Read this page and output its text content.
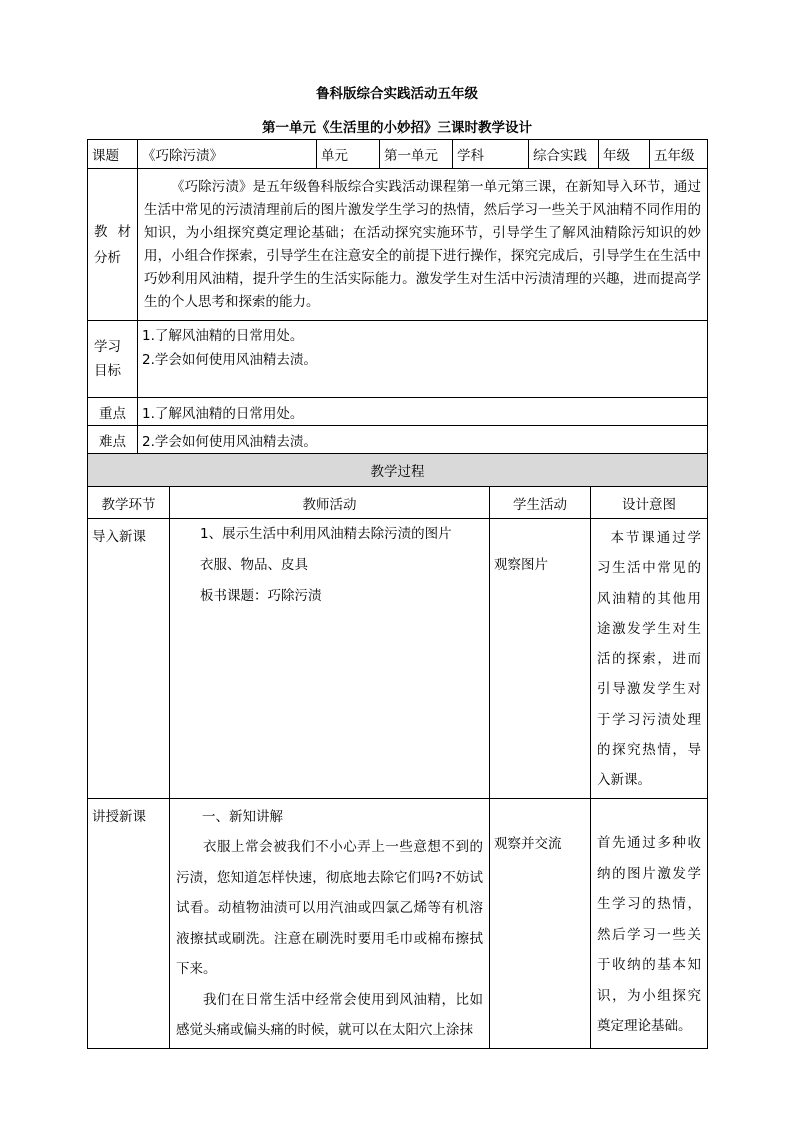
鲁科版综合实践活动五年级
第一单元《生活里的小妙招》三课时教学设计
课题	《巧除污渍》	单元	第一单元	学科	综合实践	年级	五年级
教 材 分析	《巧除污渍》是五年级鲁科版综合实践活动课程第一单元第三课，在新知导入环节，通过生活中常见的污渍清理前后的图片激发学生学习的热情，然后学习一些关于风油精不同作用的知识，为小组探究奠定理论基础；在活动探究实施环节，引导学生了解风油精除污知识的妙用，小组合作探索，引导学生在注意安全的前提下进行操作，探究完成后，引导学生在生活中巧妙利用风油精，提升学生的生活实际能力。激发学生对生活中污渍清理的兴趣，进而提高学生的个人思考和探索的能力。						

学习目标	1.了解风油精的日常用处。

2.学会如何使用风油精去渍。						

重点	1.了解风油精的日常用处。						
难点	2.学会如何使用风油精去渍。						
教学过程			
教学环节	教师活动	学生活动	设计意图
导入新课	1、展示生活中利用风油精去除污渍的图片

衣服、物品、皮具

板书课题：巧除污渍	观察图片	本节课通过学习生活中常见的风油精的其他用途激发学生对生活的探索，进而引导激发学生对于学习污渍处理的探究热情，导入新课。

讲授新课	一、新知讲解

衣服上常会被我们不小心弄上一些意想不到的污渍，您知道怎样快速，彻底地去除它们吗?不妨试试看。动植物油渍可以用汽油或四氯乙烯等有机溶液擦拭或刷洗。注意在刷洗时要用毛巾或棉布擦拭下来。

我们在日常生活中经常会使用到风油精，比如感觉头痛或偏头痛的时候，就可以在太阳穴上涂抹	观察并交流	首先通过多种收纳的图片激发学生学习的热情，然后学习一些关于收纳的基本知识，为小组探究奠定理论基础。
